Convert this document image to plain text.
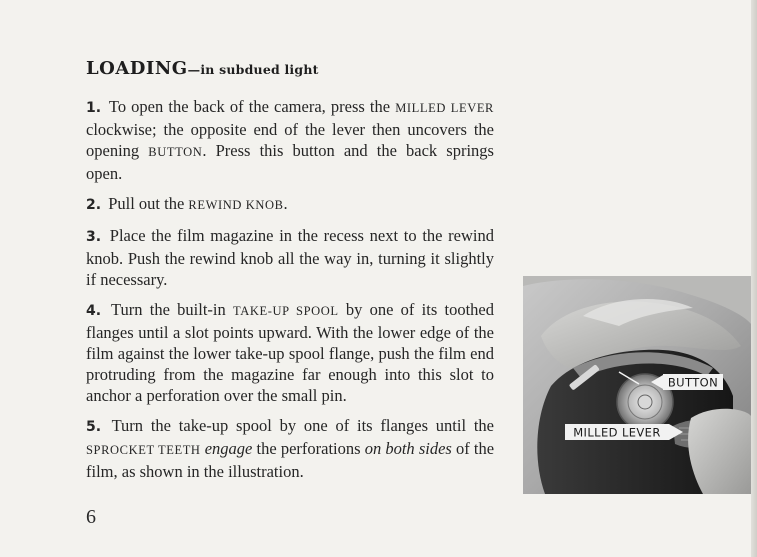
LOADING—in subdued light

1. To open the back of the camera, press the MILLED LEVER clockwise; the opposite end of the lever then uncovers the opening BUTTON. Press this button and the back springs open.

2. Pull out the REWIND KNOB.

3. Place the film magazine in the recess next to the rewind knob. Push the rewind knob all the way in, turning it slightly if necessary.

4. Turn the built-in TAKE-UP SPOOL by one of its toothed flanges until a slot points upward. With the lower edge of the film against the lower take-up spool flange, push the film end protruding from the magazine far enough into this slot to anchor a perforation over the small pin.

5. Turn the take-up spool by one of its flanges until the SPROCKET TEETH engage the perforations on both sides of the film, as shown in the illustration.

BUTTON
MILLED LEVER
6
